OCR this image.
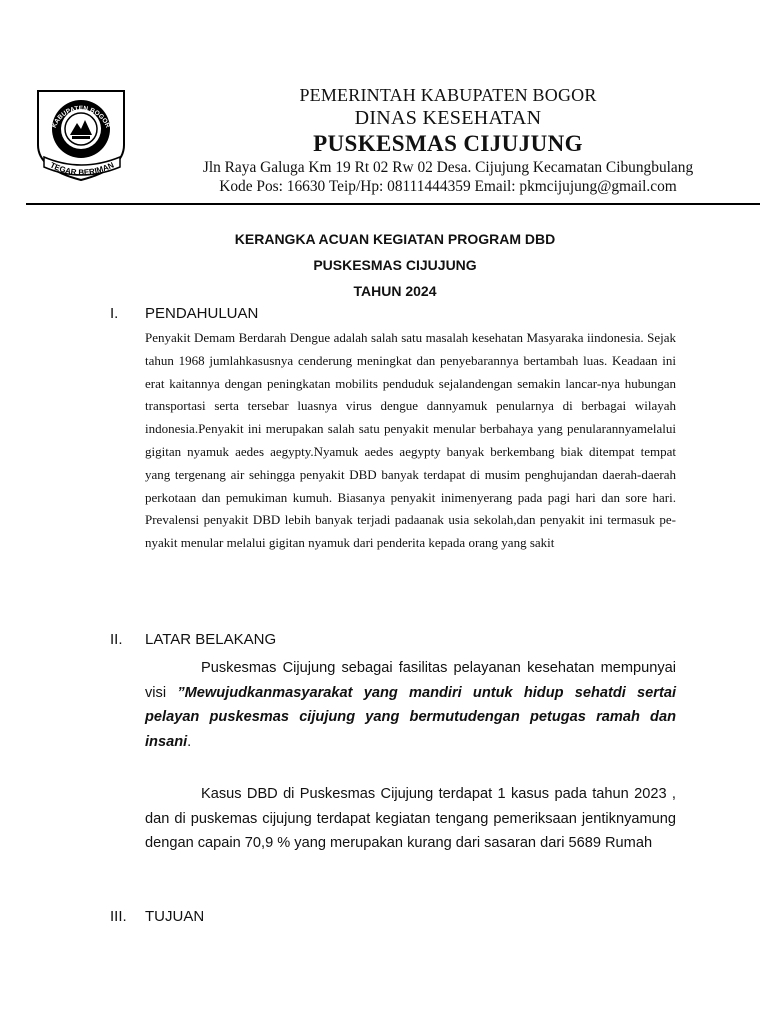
KABUPATEN BOGOR
TEGAR BERIMAN
PEMERINTAH KABUPATEN BOGOR
DINAS KESEHATAN
PUSKESMAS CIJUJUNG
Jln Raya Galuga Km 19 Rt 02 Rw 02 Desa. Cijujung Kecamatan Cibungbulang
Kode Pos: 16630 Teip/Hp: 08111444359 Email: pkmcijujung@gmail.com
KERANGKA ACUAN KEGIATAN PROGRAM DBD
PUSKESMAS CIJUJUNG
TAHUN 2024
I. PENDAHULUAN
Penyakit Demam Berdarah Dengue adalah salah satu masalah kesehatan Masyaraka iindonesia. Sejak tahun 1968 jumlahkasusnya cenderung meningkat dan penyebarannya bertambah luas. Keadaan ini erat kaitannya dengan peningkatan mobilits penduduk sejalandengan semakin lancar-nya hubungan transportasi serta tersebar luasnya virus dengue dannyamuk penularnya di berbagai wilayah indonesia.Penyakit ini merupakan salah satu penyakit menular berbahaya yang penularannyamelalui gigitan nyamuk aedes aegypty.Nyamuk aedes aegypty banyak berkembang biak ditempat tempat yang tergenang air sehingga penyakit DBD banyak terdapat di musim penghujandan daerah-daerah perkotaan dan pemukiman kumuh. Biasanya penyakit inimenyerang pada pagi hari dan sore hari. Prevalensi penyakit DBD lebih banyak terjadi padaanak usia sekolah,dan penyakit ini termasuk pe-nyakit menular melalui gigitan nyamuk dari penderita kepada orang yang sakit
II. LATAR BELAKANG
Puskesmas Cijujung sebagai fasilitas pelayanan kesehatan mempunyai visi ”Mewujudkanmasyarakat yang mandiri untuk hidup sehatdi sertai pelayan puskesmas cijujung yang bermutudengan petugas ramah dan insani.
Kasus DBD di Puskesmas Cijujung terdapat 1 kasus pada tahun 2023 , dan di puskemas cijujung terdapat kegiatan tengang pemeriksaan jentiknyamung dengan capain 70,9 % yang merupakan kurang dari sasaran dari 5689 Rumah
III. TUJUAN
